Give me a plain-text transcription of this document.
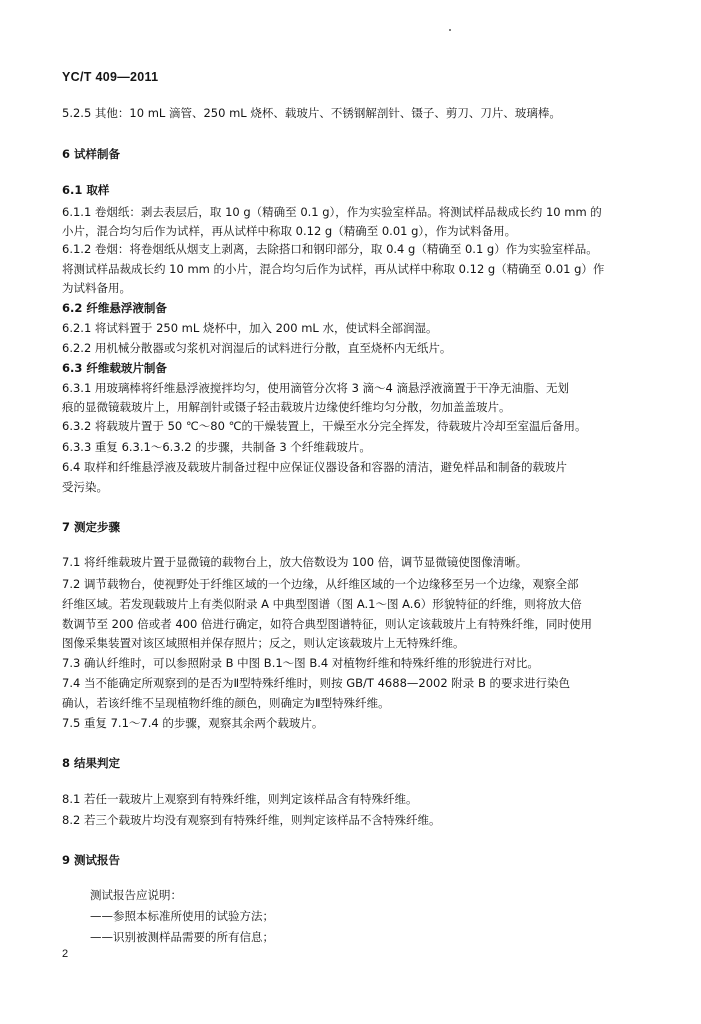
YC/T 409—2011
5.2.5 其他：10 mL 滴管、250 mL 烧杯、载玻片、不锈钢解剖针、镊子、剪刀、刀片、玻璃棒。
6 试样制备
6.1 取样
6.1.1 卷烟纸：剥去表层后，取 10 g（精确至 0.1 g），作为实验室样品。将测试样品裁成长约 10 mm 的
小片，混合均匀后作为试样，再从试样中称取 0.12 g（精确至 0.01 g），作为试料备用。
6.1.2 卷烟：将卷烟纸从烟支上剥离，去除搭口和钢印部分，取 0.4 g（精确至 0.1 g）作为实验室样品。
将测试样品裁成长约 10 mm 的小片，混合均匀后作为试样，再从试样中称取 0.12 g（精确至 0.01 g）作
为试料备用。
6.2 纤维悬浮液制备
6.2.1 将试料置于 250 mL 烧杯中，加入 200 mL 水，使试料全部润湿。
6.2.2 用机械分散器或匀浆机对润湿后的试料进行分散，直至烧杯内无纸片。
6.3 纤维载玻片制备
6.3.1 用玻璃棒将纤维悬浮液搅拌均匀，使用滴管分次将 3 滴～4 滴悬浮液滴置于干净无油脂、无划
痕的显微镜载玻片上，用解剖针或镊子轻击载玻片边缘使纤维均匀分散，勿加盖盖玻片。
6.3.2 将载玻片置于 50 ℃～80 ℃的干燥装置上，干燥至水分完全挥发，待载玻片冷却至室温后备用。
6.3.3 重复 6.3.1～6.3.2 的步骤，共制备 3 个纤维载玻片。
6.4 取样和纤维悬浮液及载玻片制备过程中应保证仪器设备和容器的清洁，避免样品和制备的载玻片
受污染。
7 测定步骤
7.1 将纤维载玻片置于显微镜的载物台上，放大倍数设为 100 倍，调节显微镜使图像清晰。
7.2 调节载物台，使视野处于纤维区域的一个边缘，从纤维区域的一个边缘移至另一个边缘，观察全部
纤维区域。若发现载玻片上有类似附录 A 中典型图谱（图 A.1～图 A.6）形貌特征的纤维，则将放大倍
数调节至 200 倍或者 400 倍进行确定，如符合典型图谱特征，则认定该载玻片上有特殊纤维，同时使用
图像采集装置对该区域照相并保存照片；反之，则认定该载玻片上无特殊纤维。
7.3 确认纤维时，可以参照附录 B 中图 B.1～图 B.4 对植物纤维和特殊纤维的形貌进行对比。
7.4 当不能确定所观察到的是否为Ⅱ型特殊纤维时，则按 GB/T 4688—2002 附录 B 的要求进行染色
确认，若该纤维不呈现植物纤维的颜色，则确定为Ⅱ型特殊纤维。
7.5 重复 7.1～7.4 的步骤，观察其余两个载玻片。
8 结果判定
8.1 若任一载玻片上观察到有特殊纤维，则判定该样品含有特殊纤维。
8.2 若三个载玻片均没有观察到有特殊纤维，则判定该样品不含特殊纤维。
9 测试报告
测试报告应说明：
——参照本标准所使用的试验方法；
——识别被测样品需要的所有信息；
2
